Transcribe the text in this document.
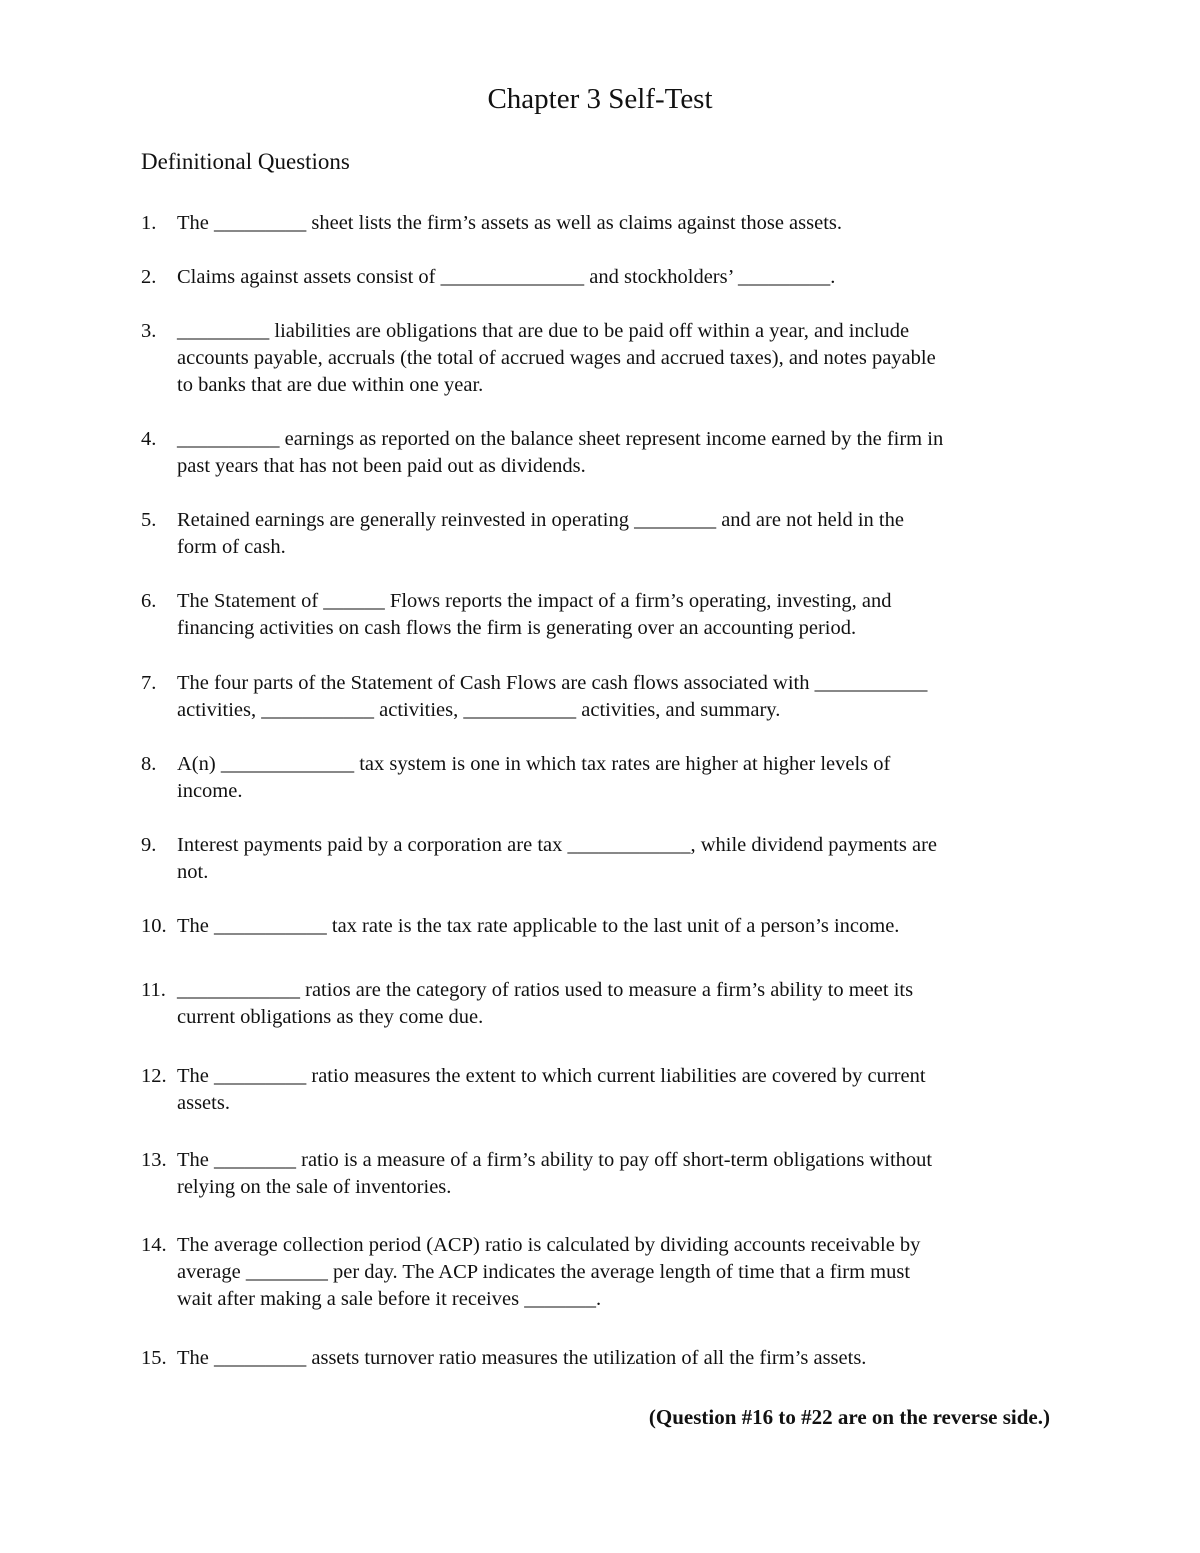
Chapter 3 Self-Test
Definitional Questions
1.	The _________ sheet lists the firm’s assets as well as claims against those assets.
2.	Claims against assets consist of ______________ and stockholders’ _________.
3.	_________ liabilities are obligations that are due to be paid off within a year, and include
accounts payable, accruals (the total of accrued wages and accrued taxes), and notes payable
to banks that are due within one year.
4.	__________ earnings as reported on the balance sheet represent income earned by the firm in
past years that has not been paid out as dividends.
5.	Retained earnings are generally reinvested in operating ________ and are not held in the
form of cash.
6.	The Statement of ______ Flows reports the impact of a firm’s operating, investing, and
financing activities on cash flows the firm is generating over an accounting period.
7.	The four parts of the Statement of Cash Flows are cash flows associated with ___________
activities, ___________ activities, ___________ activities, and summary.
8.	A(n) _____________ tax system is one in which tax rates are higher at higher levels of
income.
9.	Interest payments paid by a corporation are tax ____________, while dividend payments are
not.
10. The ___________ tax rate is the tax rate applicable to the last unit of a person’s income.
11. ____________ ratios are the category of ratios used to measure a firm’s ability to meet its
current obligations as they come due.
12. The _________ ratio measures the extent to which current liabilities are covered by current
assets.
13. The ________ ratio is a measure of a firm’s ability to pay off short-term obligations without
relying on the sale of inventories.
14. The average collection period (ACP) ratio is calculated by dividing accounts receivable by
average ________ per day. The ACP indicates the average length of time that a firm must
wait after making a sale before it receives _______.
15. The _________ assets turnover ratio measures the utilization of all the firm’s assets.
(Question #16 to #22 are on the reverse side.)
